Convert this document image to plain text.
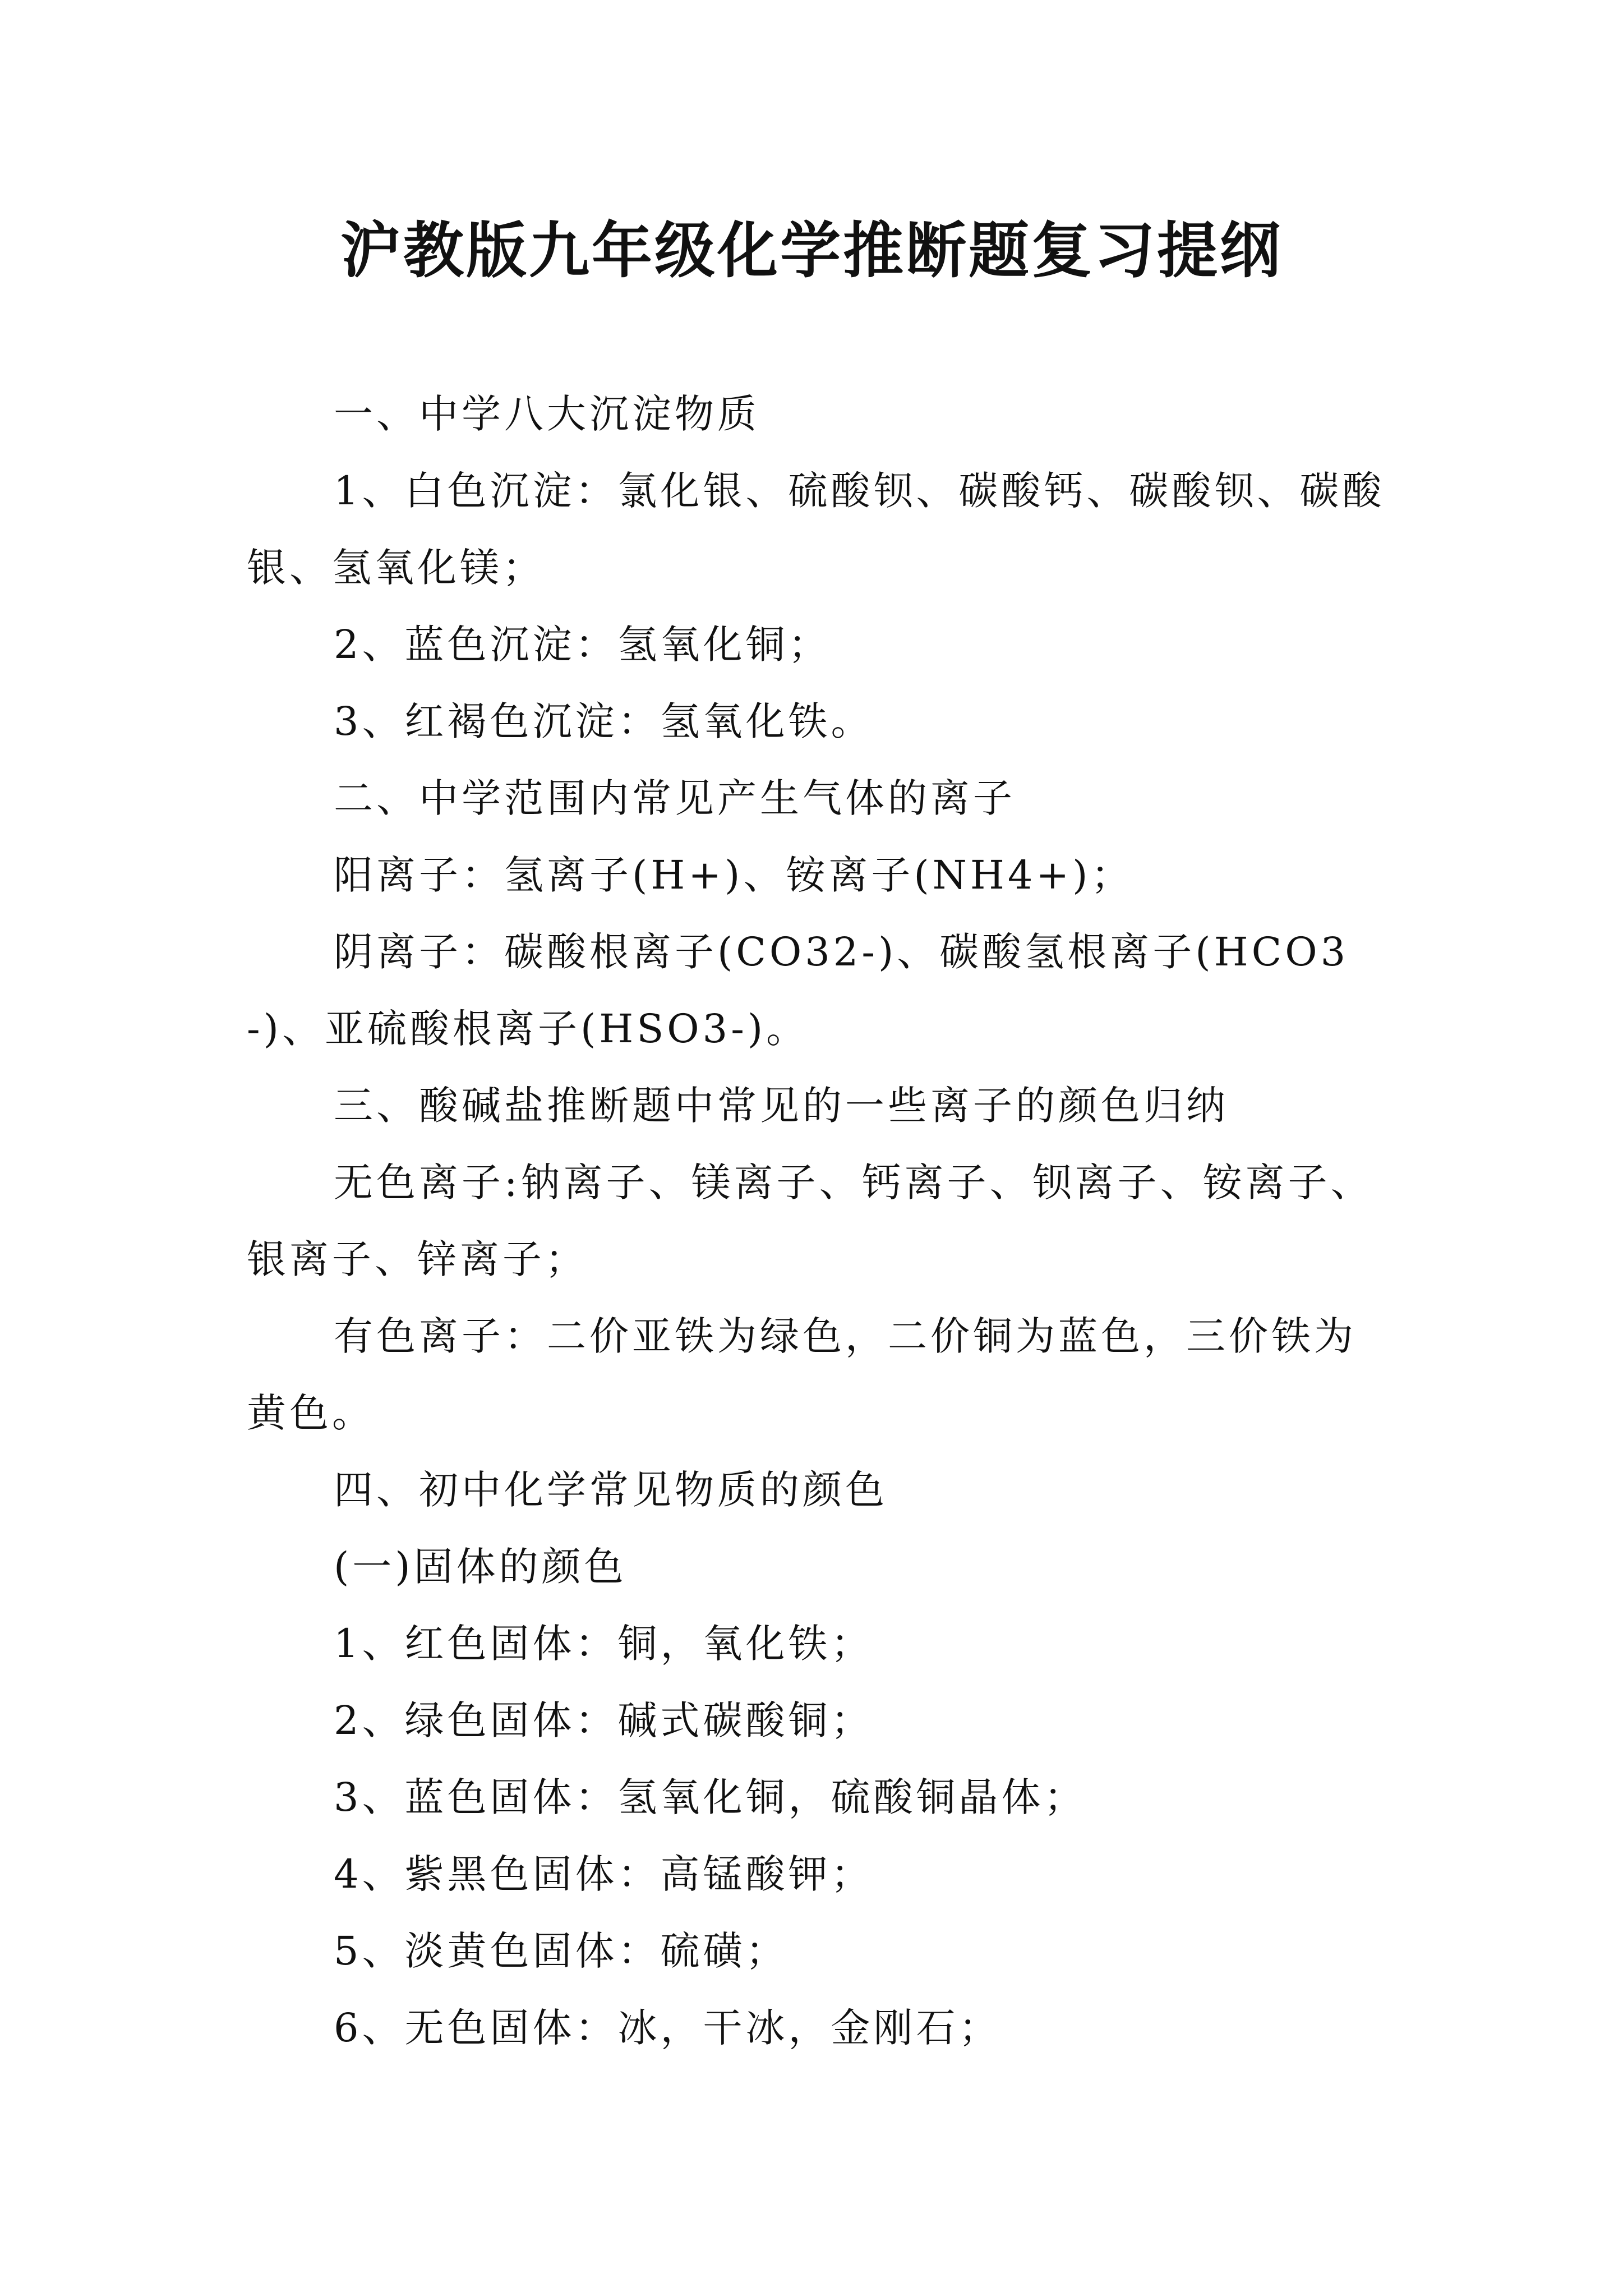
沪教版九年级化学推断题复习提纲

一、中学八大沉淀物质

1、白色沉淀：氯化银、硫酸钡、碳酸钙、碳酸钡、碳酸银、氢氧化镁；

2、蓝色沉淀：氢氧化铜；

3、红褐色沉淀：氢氧化铁。

二、中学范围内常见产生气体的离子

阳离子：氢离子(H+)、铵离子(NH4+)；

阴离子：碳酸根离子(CO32-)、碳酸氢根离子(HCO3-)、亚硫酸根离子(HSO3-)。

三、酸碱盐推断题中常见的一些离子的颜色归纳

无色离子:钠离子、镁离子、钙离子、钡离子、铵离子、银离子、锌离子；

有色离子：二价亚铁为绿色，二价铜为蓝色，三价铁为黄色。

四、初中化学常见物质的颜色

(一)固体的颜色

1、红色固体：铜，氧化铁；

2、绿色固体：碱式碳酸铜；

3、蓝色固体：氢氧化铜，硫酸铜晶体；

4、紫黑色固体：高锰酸钾；

5、淡黄色固体：硫磺；

6、无色固体：冰，干冰，金刚石；
